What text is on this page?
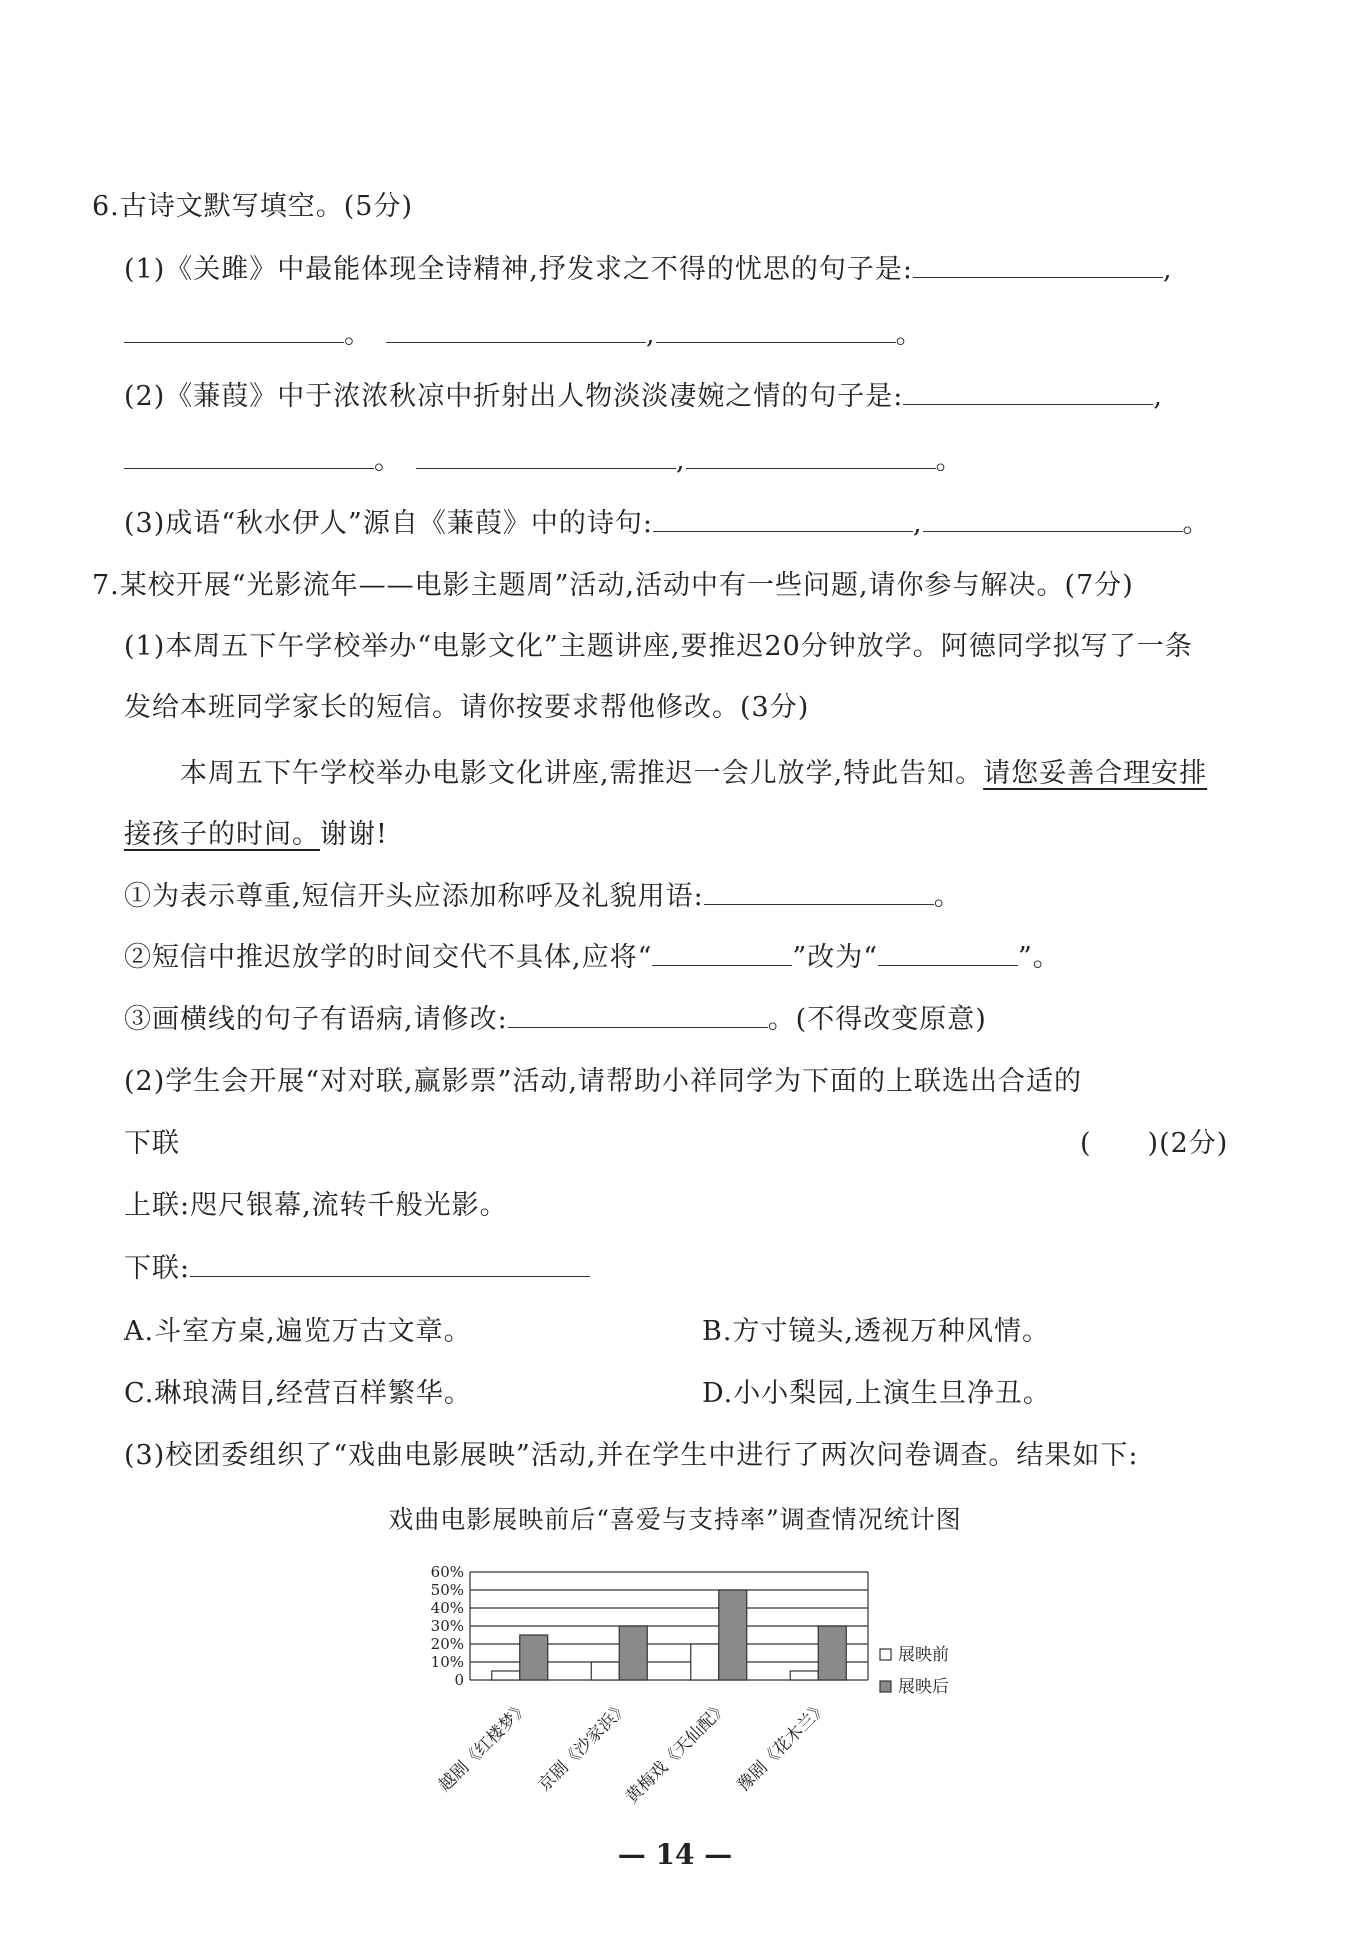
6.古诗文默写填空。(5分)
(1)《关雎》中最能体现全诗精神,抒发求之不得的忧思的句子是:	,
。	,	。
(2)《蒹葭》中于浓浓秋凉中折射出人物淡淡凄婉之情的句子是:	,
。	,	。
(3)成语“秋水伊人”源自《蒹葭》中的诗句:	,	。
7.某校开展“光影流年——电影主题周”活动,活动中有一些问题,请你参与解决。(7分)
(1)本周五下午学校举办“电影文化”主题讲座,要推迟20分钟放学。阿德同学拟写了一条
发给本班同学家长的短信。请你按要求帮他修改。(3分)
本周五下午学校举办电影文化讲座,需推迟一会儿放学,特此告知。请您妥善合理安排
接孩子的时间。谢谢!
①为表示尊重,短信开头应添加称呼及礼貌用语:	。
②短信中推迟放学的时间交代不具体,应将“	”改为“	”。
③画横线的句子有语病,请修改:	。(不得改变原意)
(2)学生会开展“对对联,赢影票”活动,请帮助小祥同学为下面的上联选出合适的
下联	(　　)(2分)
上联:咫尺银幕,流转千般光影。
下联:
A.斗室方桌,遍览万古文章。	B.方寸镜头,透视万种风情。
C.琳琅满目,经营百样繁华。	D.小小梨园,上演生旦净丑。
(3)校团委组织了“戏曲电影展映”活动,并在学生中进行了两次问卷调查。结果如下:
戏曲电影展映前后“喜爱与支持率”调查情况统计图
0
10%
20%
30%
40%
50%
60%
越剧《红楼梦》 京剧《沙家浜》
黄梅戏《天仙配》 豫剧《花木兰》
展映前
展映后
— 14 —
